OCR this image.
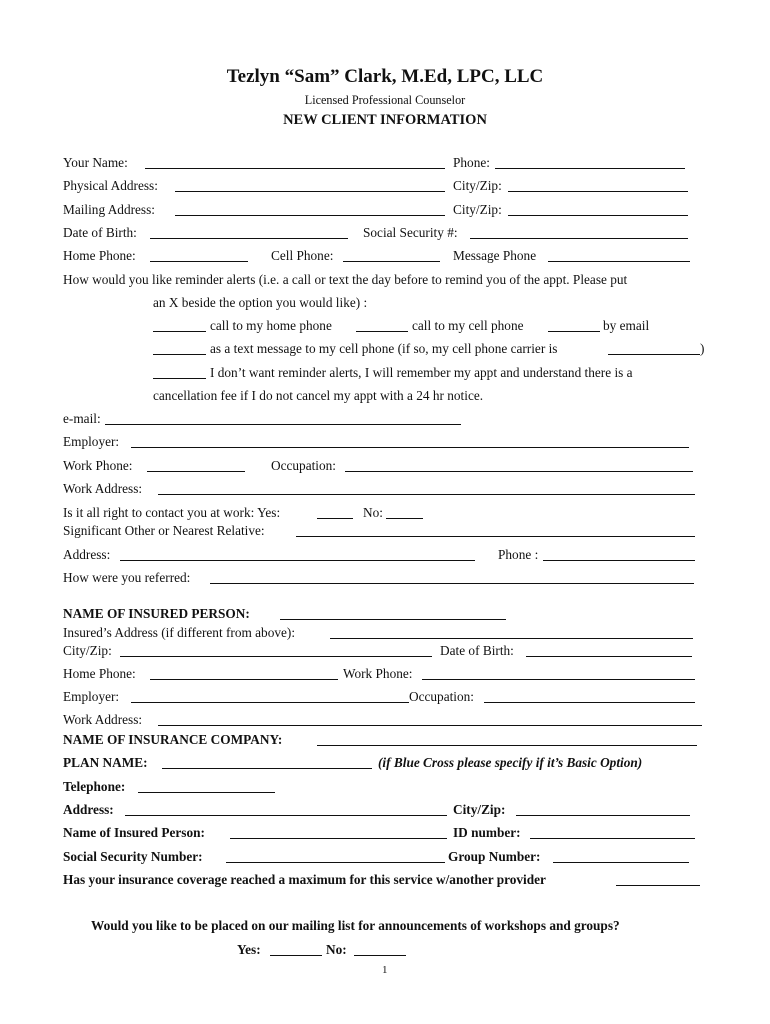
Tezlyn “Sam” Clark, M.Ed, LPC, LLC
Licensed Professional Counselor
NEW CLIENT INFORMATION
Your Name:	Phone:
Physical Address:	City/Zip:
Mailing Address:	City/Zip:
Date of Birth:	Social Security #:
Home Phone:	Cell Phone:	Message Phone
How would you like reminder alerts (i.e. a call or text the day before to remind you of the appt. Please put
an X beside the option you would like) :
call to my home phone	call to my cell phone	by email
as a text message to my cell phone (if so, my cell phone carrier is	)
I don’t want reminder alerts, I will remember my appt and understand there is a
cancellation fee if I do not cancel my appt with a 24 hr notice.
e-mail:
Employer:
Work Phone:	Occupation:
Work Address:
Is it all right to contact you at work: Yes:	No:
Significant Other or Nearest Relative:
Address:	Phone :
How were you referred:
NAME OF INSURED PERSON:
Insured’s Address (if different from above):
City/Zip:	Date of Birth:
Home Phone:	Work Phone:
Employer:	Occupation:
Work Address:
NAME OF INSURANCE COMPANY:
PLAN NAME:	(if Blue Cross please specify if it’s Basic Option)
Telephone:
Address:	City/Zip:
Name of Insured Person:	ID number:
Social Security Number:	Group Number:
Has your insurance coverage reached a maximum for this service w/another provider
Would you like to be placed on our mailing list for announcements of workshops and groups?
Yes:	No:
1
